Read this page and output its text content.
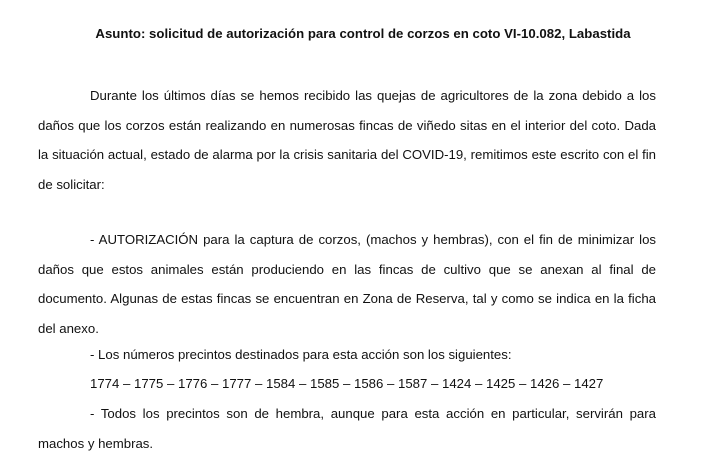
Asunto: solicitud de autorización para control de corzos en coto VI-10.082, Labastida
Durante los últimos días se hemos recibido las quejas de agricultores de la zona debido a los daños que los corzos están realizando en numerosas fincas de viñedo sitas en el interior del coto. Dada la situación actual, estado de alarma por la crisis sanitaria del COVID-19, remitimos este escrito con el fin de solicitar:
- AUTORIZACIÓN para la captura de corzos, (machos y hembras), con el fin de minimizar los daños que estos animales están produciendo en las fincas de cultivo que se anexan al final de documento. Algunas de estas fincas se encuentran en Zona de Reserva, tal y como se indica en la ficha del anexo.
- Los números precintos destinados para esta acción son los siguientes:
1774 – 1775 – 1776 – 1777 – 1584 – 1585 – 1586 – 1587 – 1424 – 1425 – 1426 – 1427
- Todos los precintos son de hembra, aunque para esta acción en particular, servirán para machos y hembras.
